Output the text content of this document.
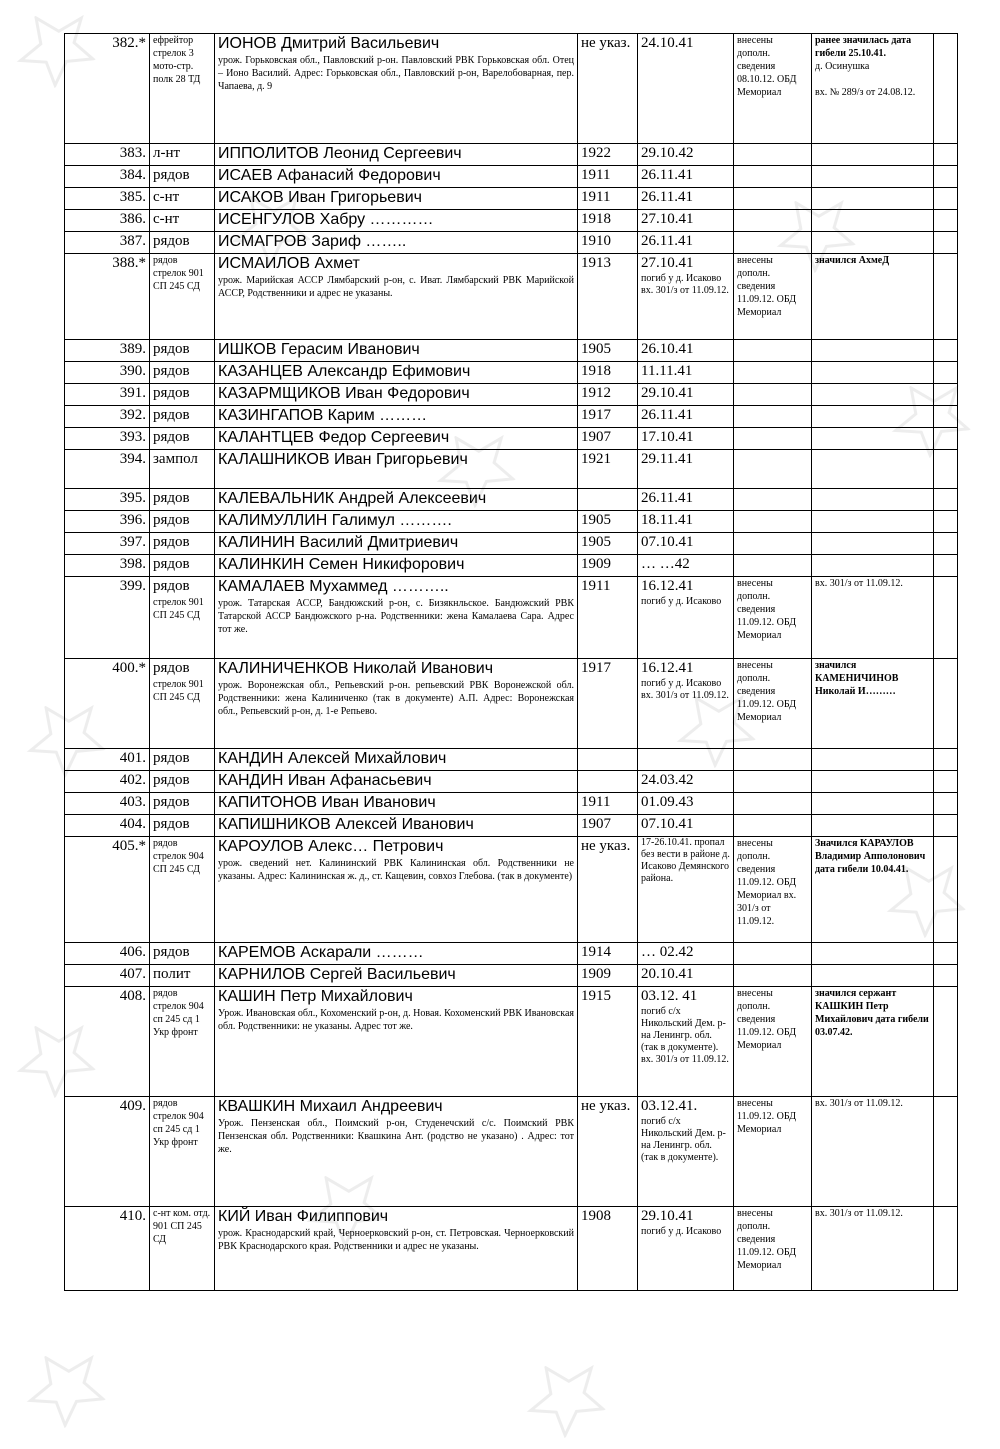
382.*	ефрейтор стрелок 3 мото-стр. полк 28 ТД	ИОНОВ Дмитрий Васильевич
урож. Горьковская обл., Павловский р-он. Павловский РВК Горьковская обл. Отец – Ионо Василий. Адрес: Горьковская обл., Павловский р-он, Варелобоварная, пер. Чапаева, д. 9	не указ.	24.10.41	внесены дополн. сведения 08.10.12. ОБД Мемориал	ранее значилась дата гибели 25.10.41.
д. Осинушка

вх. № 289/з от 24.08.12.	

383.	л-нт	ИППОЛИТОВ Леонид Сергеевич	1922	29.10.42			
384.	рядов	ИСАЕВ Афанасий Федорович	1911	26.11.41			
385.	с-нт	ИСАКОВ Иван Григорьевич	1911	26.11.41			
386.	с-нт	ИСЕНГУЛОВ Хабру …………	1918	27.10.41			
387.	рядов	ИСМАГРОВ Зариф ……..	1910	26.11.41			
388.*	рядов стрелок 901 СП 245 СД	ИСМАИЛОВ Ахмет
урож. Марийская АССР Лямбарский р-он, с. Иват. Лямбарский РВК Марийской АССР, Родственники и адрес не указаны.	1913	27.10.41
погиб у д. Исаково вх. 301/з от 11.09.12.	внесены дополн. сведения 11.09.12. ОБД Мемориал	значился АхмеД	

389.	рядов	ИШКОВ Герасим Иванович	1905	26.10.41			
390.	рядов	КАЗАНЦЕВ Александр Ефимович	1918	11.11.41			
391.	рядов	КАЗАРМЩИКОВ Иван Федорович	1912	29.10.41			
392.	рядов	КАЗИНГАПОВ Карим ………	1917	26.11.41			
393.	рядов	КАЛАНТЦЕВ Федор Сергеевич	1907	17.10.41			
394.	зампол	КАЛАШНИКОВ Иван Григорьевич	1921	29.11.41			
395.	рядов	КАЛЕВАЛЬНИК Андрей Алексеевич		26.11.41			
396.	рядов	КАЛИМУЛЛИН Галимул ……….	1905	18.11.41			
397.	рядов	КАЛИНИН Василий Дмитриевич	1905	07.10.41			
398.	рядов	КАЛИНКИН Семен Никифорович	1909	… …42			
399.	рядов
стрелок 901 СП 245 СД	КАМАЛАЕВ Мухаммед ………..
урож. Татарская АССР, Бандюжский р-он, с. Бизякнльское. Бандюжский РВК Татарской АССР Бандюжского р-на. Родственники: жена Камалаева Сара. Адрес тот же.	1911	16.12.41
погиб у д. Исаково	внесены дополн. сведения 11.09.12. ОБД Мемориал	вх. 301/з от 11.09.12.	

400.*	рядов
стрелок 901 СП 245 СД	КАЛИНИЧЕНКОВ Николай Иванович
урож. Воронежская обл., Репьевский р-он. репьевский РВК Воронежской обл. Родственники: жена Калиниченко (так в документе) А.П. Адрес: Воронежская обл., Репьевский р-он, д. 1-е Репьево.	1917	16.12.41
погиб у д. Исаково вх. 301/з от 11.09.12.	внесены дополн. сведения 11.09.12. ОБД Мемориал	значился КАМЕНИЧИНОВ Николай И………	

401.	рядов	КАНДИН Алексей Михайлович					

402.	рядов	КАНДИН Иван Афанасьевич		24.03.42			
403.	рядов	КАПИТОНОВ Иван Иванович	1911	01.09.43			
404.	рядов	КАПИШНИКОВ Алексей Иванович	1907	07.10.41			
405.*	рядов стрелок 904 СП 245 СД	КАРОУЛОВ Алекс… Петрович
урож. сведений нет. Калининский РВК Калининская обл. Родственники не указаны. Адрес: Калининская ж. д., ст. Кащевин, совхоз Глебова. (так в документе)	не указ.	17-26.10.41. пропал без вести в районе д. Исаково Демянского района.	внесены дополн. сведения 11.09.12. ОБД Мемориал вх. 301/з от 11.09.12.	Значился КАРАУЛОВ Владимир Апполонович дата гибели 10.04.41.	

406.	рядов	КАРЕМОВ Аскарали ………	1914	… 02.42			
407.	полит	КАРНИЛОВ Сергей Васильевич	1909	20.10.41			
408.	рядов стрелок 904 сп 245 сд 1 Укр фронт	КАШИН Петр Михайлович
Урож. Ивановская обл., Кохоменский р-он, д. Новая. Кохоменский РВК Ивановская обл. Родственники: не указаны. Адрес тот же.	1915	03.12. 41
погиб с/х Никольский Дем. р-на Ленингр. обл. (так в документе). вх. 301/з от 11.09.12.	внесены дополн. сведения 11.09.12. ОБД Мемориал	значился сержант КАШКИН Петр Михайлович дата гибели 03.07.42.	

409.	рядов стрелок 904 сп 245 сд 1 Укр фронт	КВАШКИН Михаил Андреевич
Урож. Пензенская обл., Поимский р-он, Студенечский с/с. Поимский РВК Пензенская обл. Родственники: Квашкина Ант. (родство не указано) . Адрес: тот же.	не указ.	03.12.41.
погиб с/х Никольский Дем. р-на Ленингр. обл. (так в документе).	внесены 11.09.12. ОБД Мемориал	вх. 301/з от 11.09.12.	

410.	с-нт ком. отд. 901 СП 245 СД	КИЙ Иван Филиппович
урож. Краснодарский край, Черноерковский р-он, ст. Петровская. Черноерковский РВК Краснодарского края. Родственники и адрес не указаны.	1908	29.10.41
погиб у д. Исаково	внесены дополн. сведения 11.09.12. ОБД Мемориал	вх. 301/з от 11.09.12.	
